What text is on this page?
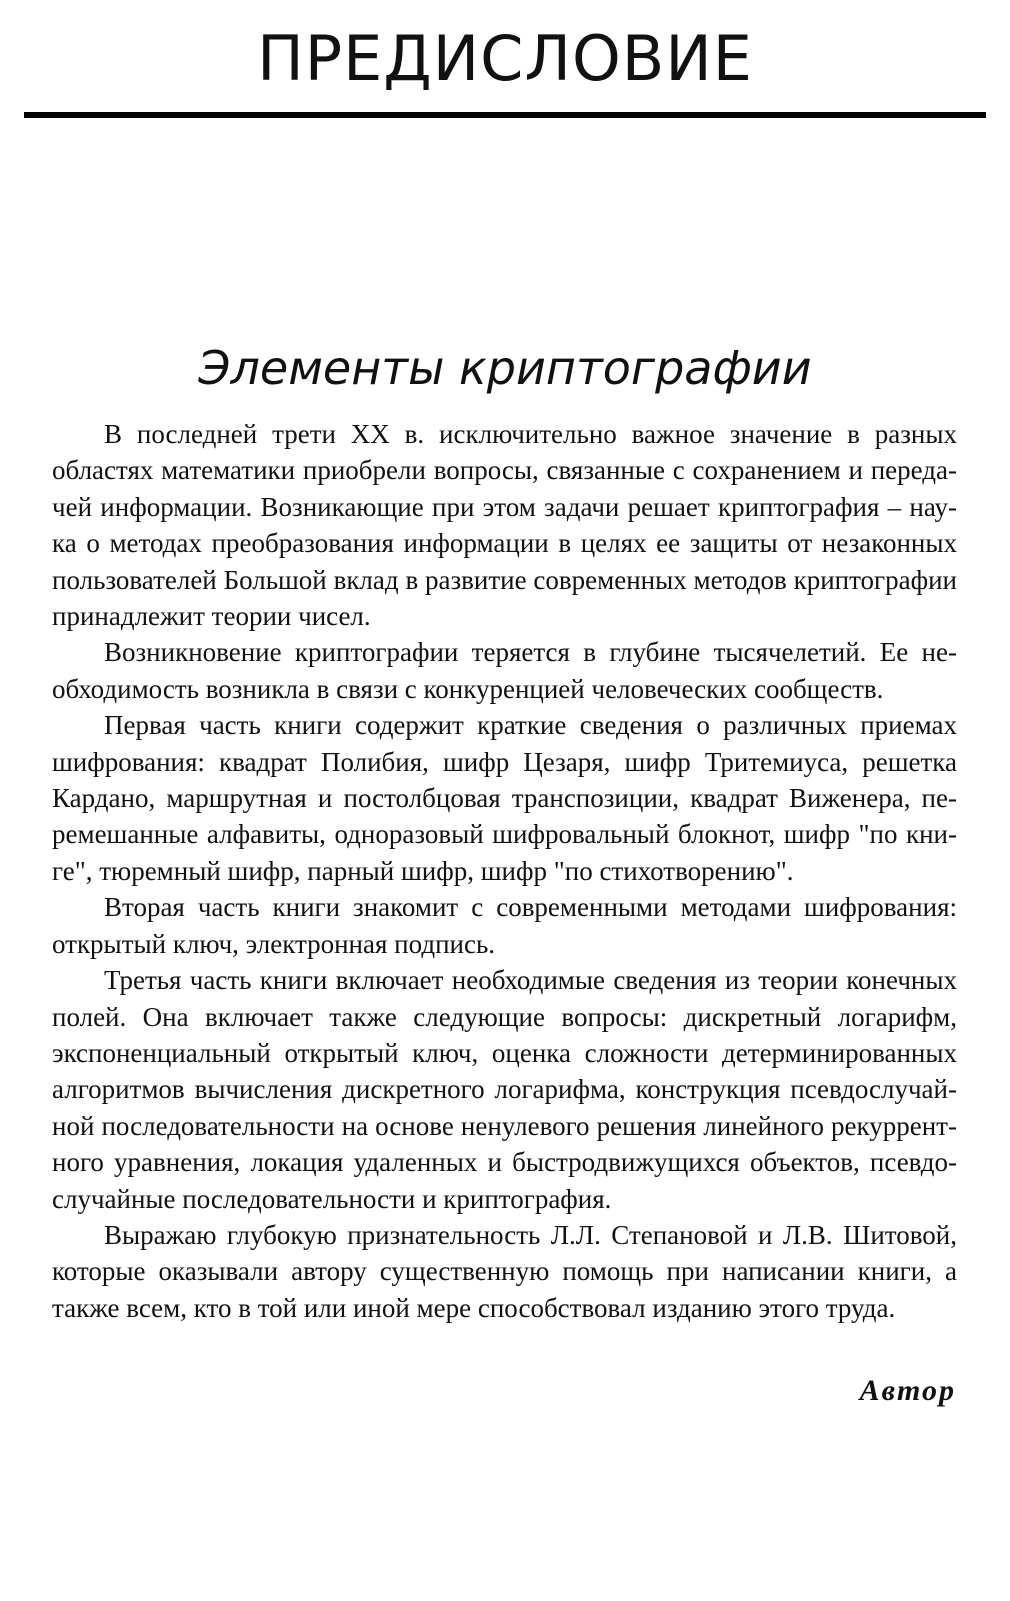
ПРЕДИСЛОВИЕ
Элементы криптографии

В последней трети XX в. исключительно важное значение в разных областях математики приобрели вопросы, связанные с сохранением и передачей информации. Возникающие при этом задачи решает криптография – наука о методах преобразования информации в целях ее защиты от незаконных пользователей Большой вклад в развитие современных методов криптографии принадлежит теории чисел.

Возникновение криптографии теряется в глубине тысячелетий. Ее необходимость возникла в связи с конкуренцией человеческих сообществ.

Первая часть книги содержит краткие сведения о различных приемах шифрования: квадрат Полибия, шифр Цезаря, шифр Тритемиуса, решетка Кардано, маршрутная и постолбцовая транспозиции, квадрат Виженера, перемешанные алфавиты, одноразовый шифровальный блокнот, шифр "по книге", тюремный шифр, парный шифр, шифр "по стихотворению".

Вторая часть книги знакомит с современными методами шифрования: открытый ключ, электронная подпись.

Третья часть книги включает необходимые сведения из теории конечных полей. Она включает также следующие вопросы: дискретный логарифм, экспоненциальный открытый ключ, оценка сложности детерминированных алгоритмов вычисления дискретного логарифма, конструкция псевдослучайной последовательности на основе ненулевого решения линейного рекуррентного уравнения, локация удаленных и быстродвижущихся объектов, псевдослучайные последовательности и криптография.

Выражаю глубокую признательность Л.Л. Степановой и Л.В. Шитовой, которые оказывали автору существенную помощь при написании книги, а также всем, кто в той или иной мере способствовал изданию этого труда.

Автор
